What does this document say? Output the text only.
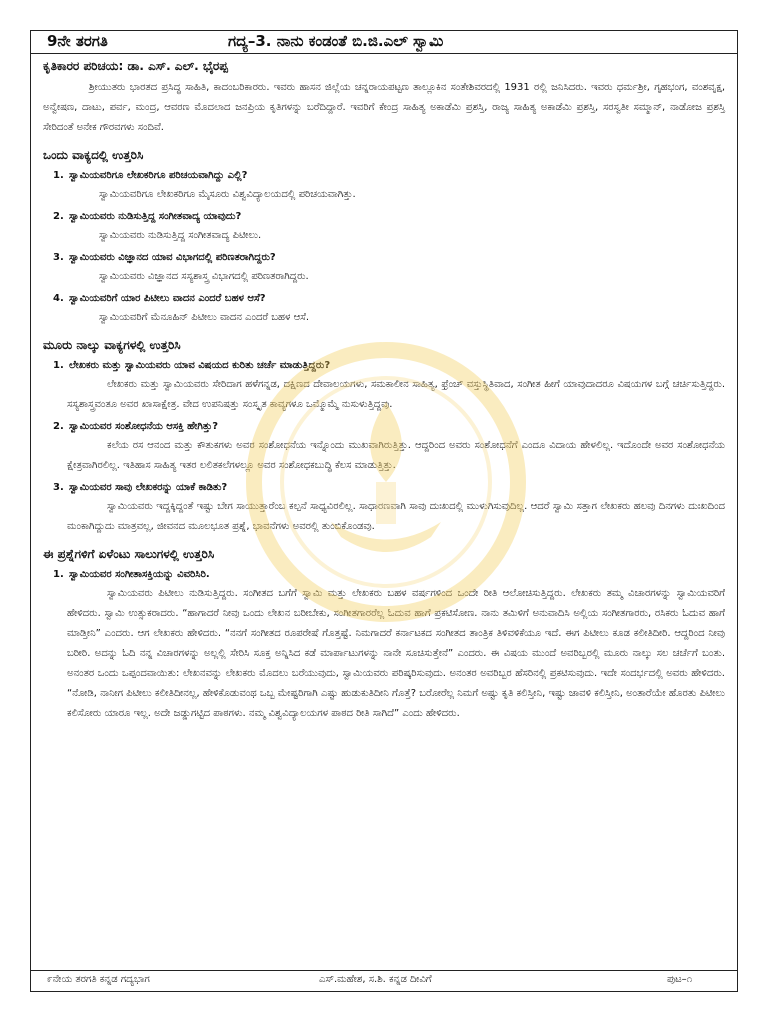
9ನೇ ತರಗತಿ	ಗದ್ಯ–3. ನಾನು ಕಂಡಂತೆ ಬಿ.ಜಿ.ಎಲ್ ಸ್ವಾಮಿ
ಕೃತಿಕಾರರ ಪರಿಚಯ: ಡಾ. ಎಸ್. ಎಲ್. ಭೈರಪ್ಪ

ಶ್ರೀಯುತರು ಭಾರತದ ಪ್ರಸಿದ್ಧ ಸಾಹಿತಿ, ಕಾದಂಬರಿಕಾರರು. ಇವರು ಹಾಸನ ಜಿಲ್ಲೆಯ ಚನ್ನರಾಯಪಟ್ಟಣ ತಾಲ್ಲೂಕಿನ ಸಂತೇಶಿವರದಲ್ಲಿ 1931 ರಲ್ಲಿ ಜನಿಸಿದರು. ಇವರು ಧರ್ಮಶ್ರೀ, ಗೃಹಭಂಗ, ವಂಶವೃಕ್ಷ, ಅನ್ವೇಷಣ, ದಾಟು, ಪರ್ವ, ಮಂದ್ರ, ಆವರಣ ಮೊದಲಾದ ಜನಪ್ರಿಯ ಕೃತಿಗಳನ್ನು ಬರೆದಿದ್ದಾರೆ. ಇವರಿಗೆ ಕೇಂದ್ರ ಸಾಹಿತ್ಯ ಅಕಾಡೆಮಿ ಪ್ರಶಸ್ತಿ, ರಾಜ್ಯ ಸಾಹಿತ್ಯ ಅಕಾಡೆಮಿ ಪ್ರಶಸ್ತಿ, ಸರಸ್ವತೀ ಸಮ್ಮಾನ್, ನಾಡೋಜ ಪ್ರಶಸ್ತಿ ಸೇರಿದಂತೆ ಅನೇಕ ಗೌರವಗಳು ಸಂದಿವೆ.

ಒಂದು ವಾಕ್ಯದಲ್ಲಿ ಉತ್ತರಿಸಿ
1. ಸ್ವಾಮಿಯವರಿಗೂ ಲೇಖಕರಿಗೂ ಪರಿಚಯವಾಗಿದ್ದು ಎಲ್ಲಿ?
ಸ್ವಾಮಿಯವರಿಗೂ ಲೇಖಕರಿಗೂ ಮೈಸೂರು ವಿಶ್ವವಿದ್ಯಾಲಯದಲ್ಲಿ ಪರಿಚಯವಾಗಿತ್ತು.
2. ಸ್ವಾಮಿಯವರು ನುಡಿಸುತ್ತಿದ್ದ ಸಂಗೀತವಾದ್ಯ ಯಾವುದು?
ಸ್ವಾಮಿಯವರು ನುಡಿಸುತ್ತಿದ್ದ ಸಂಗೀತವಾದ್ಯ ಪಿಟೀಲು.
3. ಸ್ವಾಮಿಯವರು ವಿಜ್ಞಾನದ ಯಾವ ವಿಭಾಗದಲ್ಲಿ ಪರಿಣತರಾಗಿದ್ದರು?
ಸ್ವಾಮಿಯವರು ವಿಜ್ಞಾನದ ಸಸ್ಯಶಾಸ್ತ್ರ ವಿಭಾಗದಲ್ಲಿ ಪರಿಣತರಾಗಿದ್ದರು.
4. ಸ್ವಾಮಿಯವರಿಗೆ ಯಾರ ಪಿಟೀಲು ವಾದನ ಎಂದರೆ ಬಹಳ ಆಸೆ?
ಸ್ವಾಮಿಯವರಿಗೆ ಮೆನೂಹಿನ್ ಪಿಟೀಲು ವಾದನ ಎಂದರೆ ಬಹಳ ಆಸೆ.
ಮೂರು ನಾಲ್ಕು ವಾಕ್ಯಗಳಲ್ಲಿ ಉತ್ತರಿಸಿ
1. ಲೇಖಕರು ಮತ್ತು ಸ್ವಾಮಿಯವರು ಯಾವ ವಿಷಯದ ಕುರಿತು ಚರ್ಚೆ ಮಾಡುತ್ತಿದ್ದರು?
ಲೇಖಕರು ಮತ್ತು ಸ್ವಾಮಿಯವರು ಸೇರಿದಾಗ ಹಳೆಗನ್ನಡ, ದಕ್ಷಿಣದ ದೇವಾಲಯಗಳು, ಸಮಕಾಲೀನ ಸಾಹಿತ್ಯ, ಫ್ರೆಂಚ್ ವಸ್ತುಸ್ಥಿತಿವಾದ, ಸಂಗೀತ ಹೀಗೆ ಯಾವುದಾದರೂ ವಿಷಯಗಳ ಬಗ್ಗೆ ಚರ್ಚಿಸುತ್ತಿದ್ದರು. ಸಸ್ಯಶಾಸ್ತ್ರವಂತೂ ಅವರ ಖಾಸಾಕ್ಷೇತ್ರ. ವೇದ ಉಪನಿಷತ್ತು ಸಂಸ್ಕೃತ ಕಾವ್ಯಗಳೂ ಒಮ್ಮೊಮ್ಮೆ ನುಸುಳುತ್ತಿದ್ದವು.
2. ಸ್ವಾಮಿಯವರ ಸಂಶೋಧನೆಯ ಆಸಕ್ತಿ ಹೇಗಿತ್ತು?
ಕಲೆಯ ರಸ ಆನಂದ ಮತ್ತು ಕೌತುಕಗಳು ಅವರ ಸಂಶೋಧನೆಯ ಇನ್ನೊಂದು ಮುಖವಾಗಿರುತ್ತಿತ್ತು. ಆದ್ದರಿಂದ ಅವರು ಸಂಶೋಧನೆಗೆ ಎಂದೂ ವಿದಾಯ ಹೇಳಲಿಲ್ಲ. ಇದೊಂದೇ ಅವರ ಸಂಶೋಧನೆಯ ಕ್ಷೇತ್ರವಾಗಿರಲಿಲ್ಲ. ಇತಿಹಾಸ ಸಾಹಿತ್ಯ ಇತರ ಲಲಿತಕಲೆಗಳಲ್ಲೂ ಅವರ ಸಂಶೋಧಕಬುದ್ಧಿ ಕೆಲಸ ಮಾಡುತ್ತಿತ್ತು.
3. ಸ್ವಾಮಿಯವರ ಸಾವು ಲೇಖಕರನ್ನು ಯಾಕೆ ಕಾಡಿತು?
ಸ್ವಾಮಿಯವರು ಇದ್ದಕ್ಕಿದ್ದಂತೆ ಇಷ್ಟು ಬೇಗ ಸಾಯುತ್ತಾರೆಂಬ ಕಲ್ಪನೆ ಸಾಧ್ಯವಿರಲಿಲ್ಲ. ಸಾಧಾರಣವಾಗಿ ಸಾವು ದುಃಖದಲ್ಲಿ ಮುಳುಗಿಸುವುದಿಲ್ಲ. ಆದರೆ ಸ್ವಾಮಿ ಸತ್ತಾಗ ಲೇಖಕರು ಹಲವು ದಿನಗಳು ದುಃಖದಿಂದ ಮಂಕಾಗಿದ್ದುದು ಮಾತ್ರವಲ್ಲ, ಜೀವನದ ಮೂಲಭೂತ ಪ್ರಶ್ನೆ, ಭಾವನೆಗಳು ಅವರಲ್ಲಿ ತುಂಬಿಕೊಂಡವು.
ಈ ಪ್ರಶ್ನೆಗಳಿಗೆ ಏಳೆಂಟು ಸಾಲುಗಳಲ್ಲಿ ಉತ್ತರಿಸಿ
1. ಸ್ವಾಮಿಯವರ ಸಂಗೀತಾಸಕ್ತಿಯನ್ನು ವಿವರಿಸಿರಿ.
ಸ್ವಾಮಿಯವರು ಪಿಟೀಲು ನುಡಿಸುತ್ತಿದ್ದರು. ಸಂಗೀತದ ಬಗೆಗೆ ಸ್ವಾಮಿ ಮತ್ತು ಲೇಖಕರು ಬಹಳ ವರ್ಷಗಳಿಂದ ಒಂದೇ ರೀತಿ ಆಲೋಚಿಸುತ್ತಿದ್ದರು. ಲೇಖಕರು ತಮ್ಮ ವಿಚಾರಗಳನ್ನು ಸ್ವಾಮಿಯವರಿಗೆ ಹೇಳಿದರು. ಸ್ವಾಮಿ ಉತ್ಸುಕರಾದರು. “ಹಾಗಾದರೆ ನೀವು ಒಂದು ಲೇಖನ ಬರೀಬೇಕು, ಸಂಗೀತಗಾರರೆಲ್ಲ ಓದುವ ಹಾಗೆ ಪ್ರಕಟಿಸೋಣ. ನಾನು ತಮಿಳಿಗೆ ಅನುವಾದಿಸಿ ಅಲ್ಲಿಯ ಸಂಗೀತಗಾರರು, ರಸಿಕರು ಓದುವ ಹಾಗೆ ಮಾಡ್ತೀನಿ” ಎಂದರು. ಆಗ ಲೇಖಕರು ಹೇಳಿದರು. “ನನಗೆ ಸಂಗೀತದ ರೂಪರೇಷೆ ಗೊತ್ತಷ್ಟೆ. ನಿಮಗಾದರೆ ಕರ್ನಾಟಕದ ಸಂಗೀತದ ತಾಂತ್ರಿಕ ತಿಳಿವಳಿಕೆಯೂ ಇದೆ. ಈಗ ಪಿಟೀಲು ಕೂಡ ಕಲೀತಿದೀರಿ. ಆದ್ದರಿಂದ ನೀವು ಬರೀರಿ. ಅದನ್ನು ಓದಿ ನನ್ನ ವಿಚಾರಗಳನ್ನು ಅಲ್ಲಲ್ಲಿ ಸೇರಿಸಿ ಸೂಕ್ತ ಅನ್ನಿಸಿದ ಕಡೆ ಮಾರ್ಪಾಟುಗಳನ್ನು ನಾನೇ ಸೂಚಿಸುತ್ತೇನೆ” ಎಂದರು. ಈ ವಿಷಯ ಮುಂದೆ ಅವರಿಬ್ಬರಲ್ಲಿ ಮೂರು ನಾಲ್ಕು ಸಲ ಚರ್ಚೆಗೆ ಬಂತು. ಅನಂತರ ಒಂದು ಒಪ್ಪಂದವಾಯಿತು: ಲೇಖನವನ್ನು ಲೇಖಕರು ಮೊದಲು ಬರೆಯುವುದು, ಸ್ವಾಮಿಯವರು ಪರಿಷ್ಕರಿಸುವುದು. ಅನಂತರ ಅವರಿಬ್ಬರ ಹೆಸರಿನಲ್ಲಿ ಪ್ರಕಟಿಸುವುದು. ಇದೇ ಸಂದರ್ಭದಲ್ಲಿ ಅವರು ಹೇಳಿದರು. “ನೋಡಿ, ನಾನೀಗ ಪಿಟೀಲು ಕಲೀತಿದೀನಲ್ಲ, ಹೇಳಿಕೊಡುವಂಥ ಒಬ್ಬ ಮೇಷ್ಟರಿಗಾಗಿ ಎಷ್ಟು ಹುಡುಕುತಿದೀನಿ ಗೊತ್ತೆ? ಬರೋರೆಲ್ಲ ನಿಮಗೆ ಅಷ್ಟು ಕೃತಿ ಕಲಿಸ್ತೀನಿ, ಇಷ್ಟು ಜಾವಳಿ ಕಲಿಸ್ತೀನಿ, ಅಂತಾರೆಯೇ ಹೊರತು ಪಿಟೀಲು ಕಲಿಸೋರು ಯಾರೂ ಇಲ್ಲ. ಅದೇ ಜಡ್ಡುಗಟ್ಟಿದ ಪಾಠಗಳು. ನಮ್ಮ ವಿಶ್ವವಿದ್ಯಾಲಯಗಳ ಪಾಠದ ರೀತಿ ಸಾಗಿದೆ” ಎಂದು ಹೇಳಿದರು.
೯ನೇಯ ತರಗತಿ ಕನ್ನಡ ಗದ್ಯಭಾಗ	ಎಸ್.ಮಹೇಶ, ಸ.ಶಿ. ಕನ್ನಡ ದೀವಿಗೆ	ಪುಟ–೧
